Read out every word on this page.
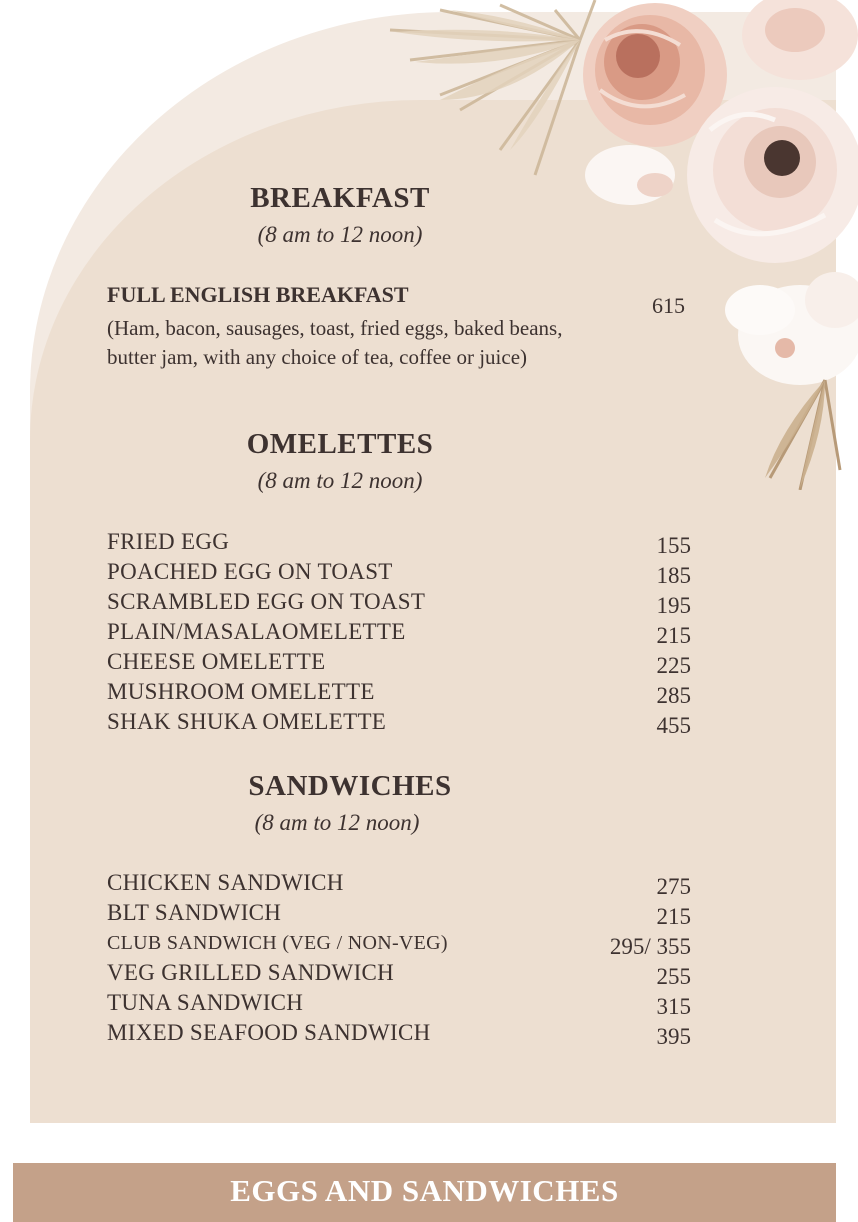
BREAKFAST
(8 am to 12 noon)
FULL ENGLISH BREAKFAST
(Ham, bacon, sausages, toast, fried eggs, baked beans, butter jam, with any choice of tea, coffee or juice)
615
OMELETTES
(8 am to 12 noon)
FRIED EGG	155
POACHED EGG ON TOAST	185
SCRAMBLED EGG ON TOAST	195
PLAIN/MASALAOMELETTE	215
CHEESE OMELETTE	225
MUSHROOM OMELETTE	285
SHAK SHUKA OMELETTE	455
SANDWICHES
(8 am to 12 noon)
CHICKEN SANDWICH	275
BLT SANDWICH	215
CLUB SANDWICH (VEG / NON-VEG)	295/ 355
VEG GRILLED SANDWICH	255
TUNA SANDWICH	315
MIXED SEAFOOD SANDWICH	395
EGGS AND SANDWICHES
